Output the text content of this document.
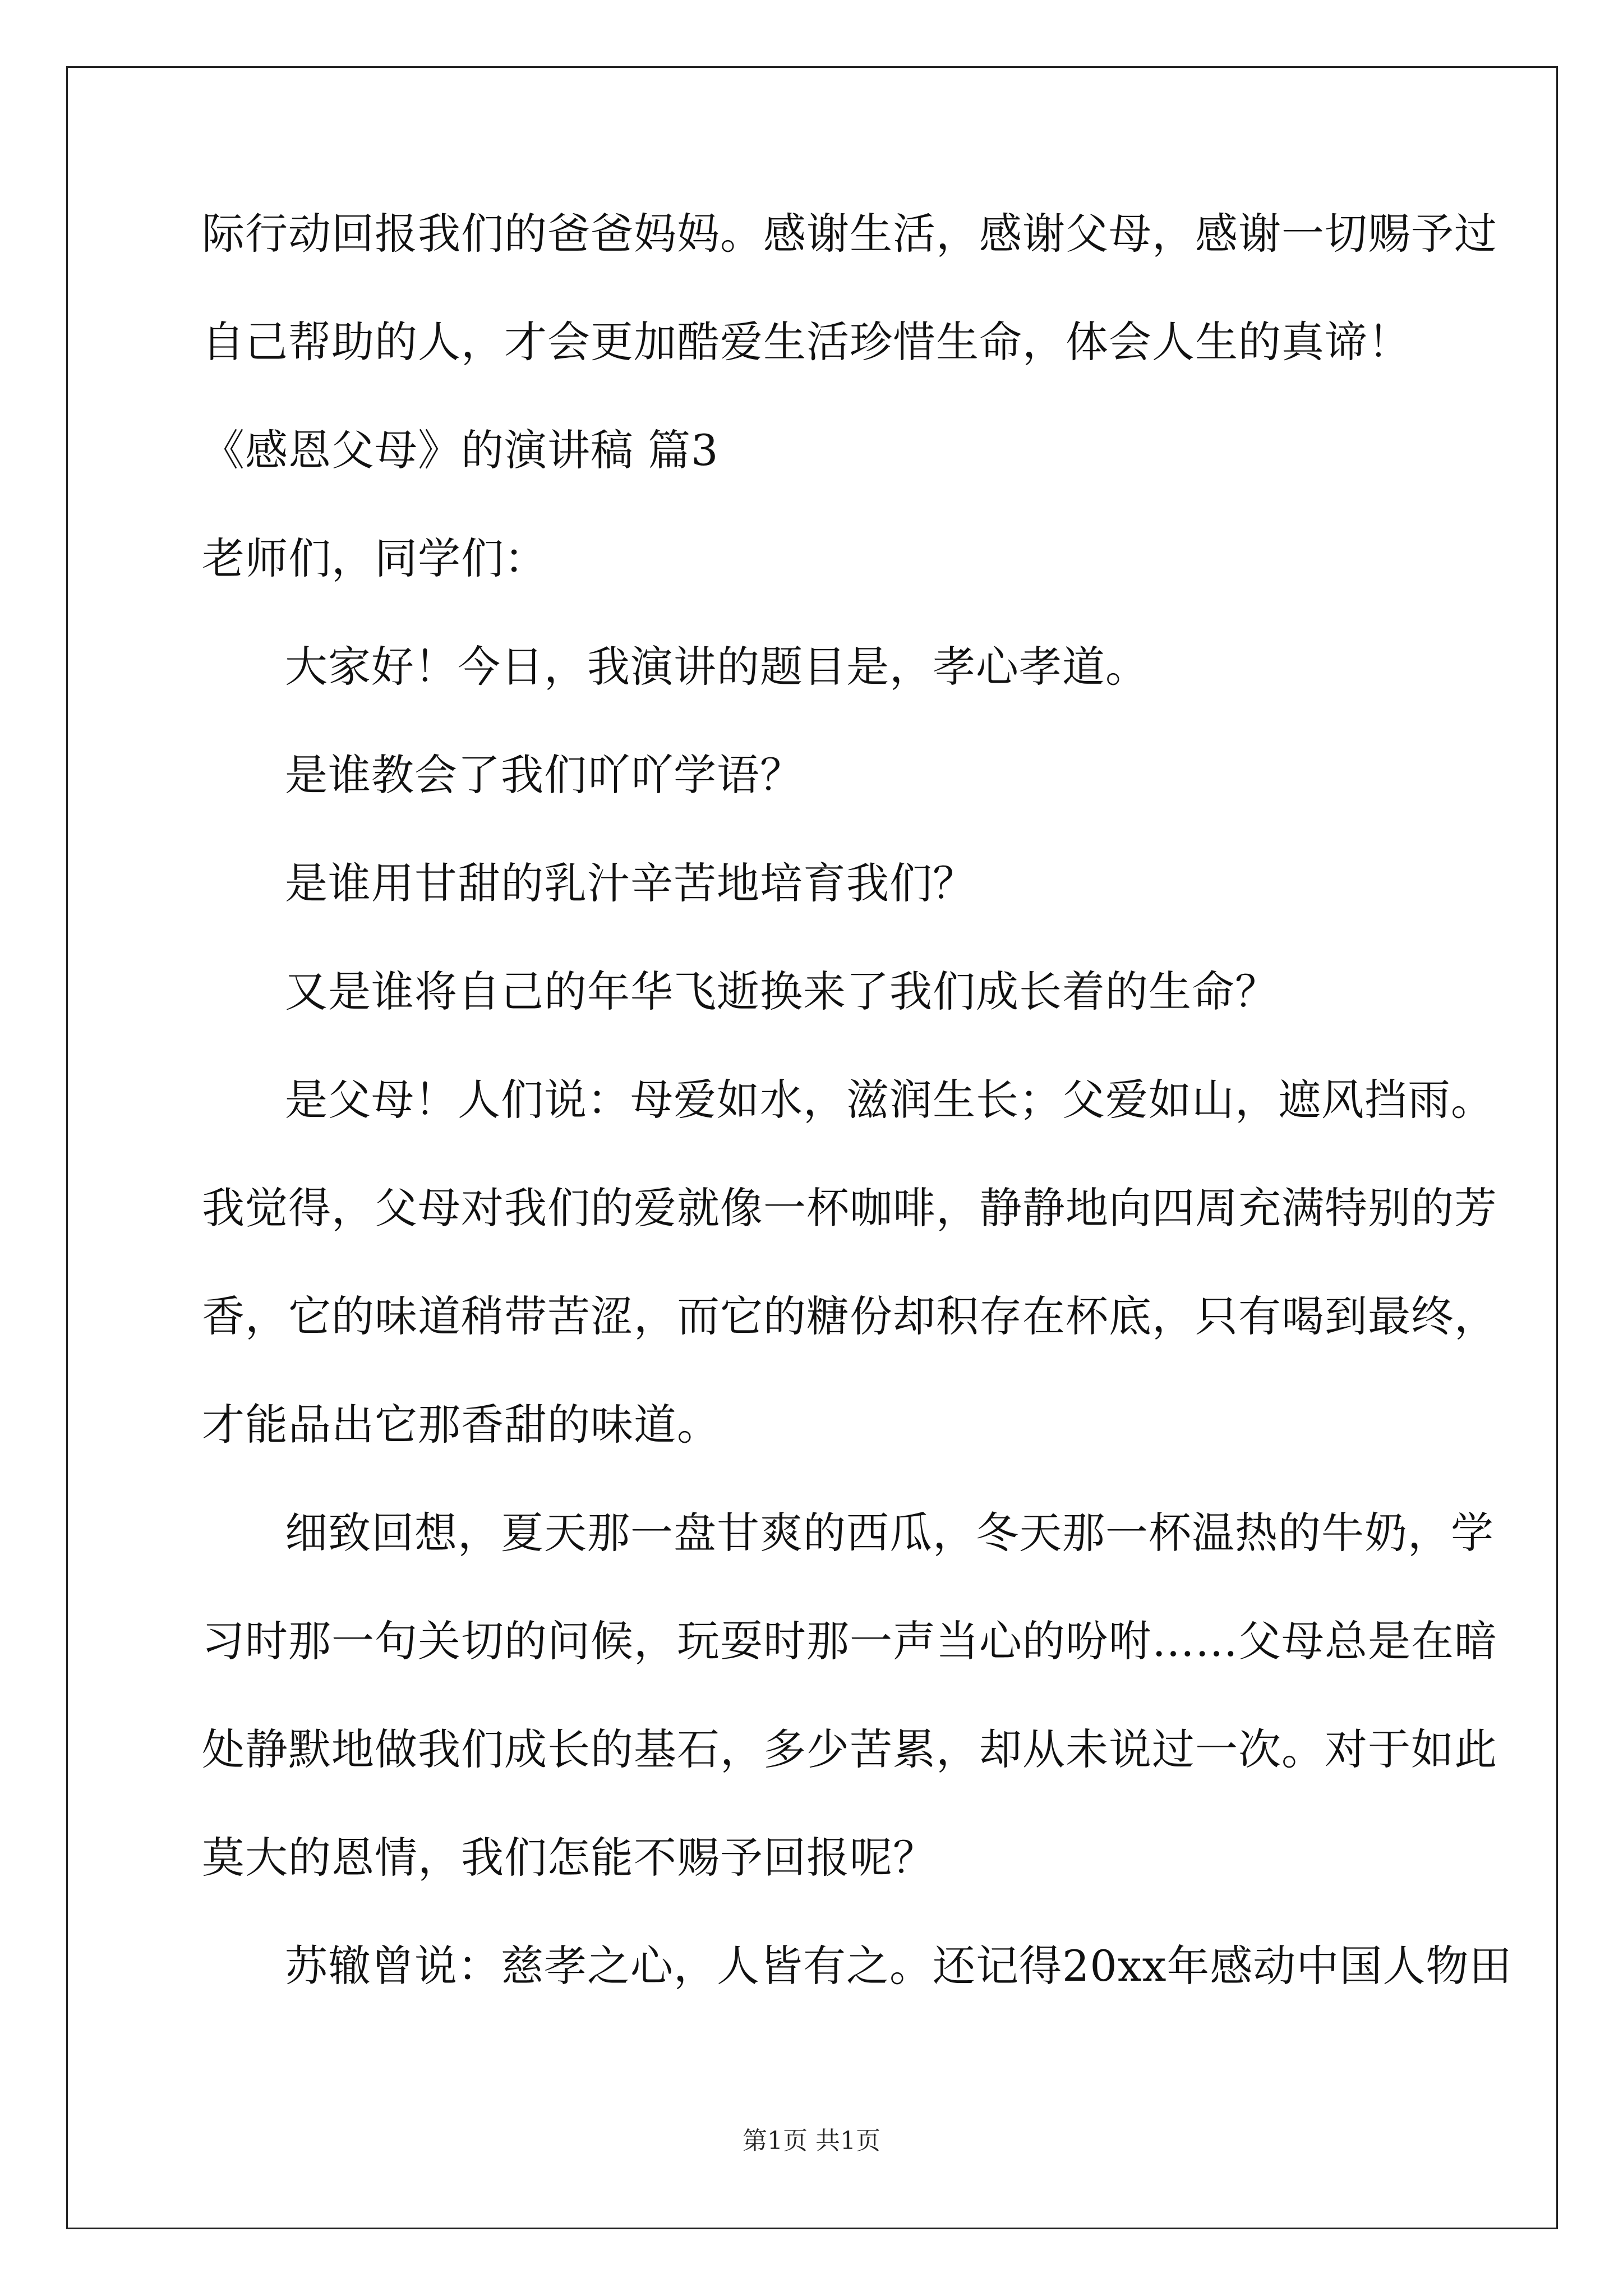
际行动回报我们的爸爸妈妈。感谢生活，感谢父母，感谢一切赐予过
自己帮助的人，才会更加酷爱生活珍惜生命，体会人生的真谛！
《感恩父母》的演讲稿 篇3
老师们，同学们：
大家好！今日，我演讲的题目是，孝心孝道。
是谁教会了我们吖吖学语？
是谁用甘甜的乳汁辛苦地培育我们？
又是谁将自己的年华飞逝换来了我们成长着的生命？
是父母！人们说：母爱如水，滋润生长；父爱如山，遮风挡雨。
我觉得，父母对我们的爱就像一杯咖啡，静静地向四周充满特别的芳
香，它的味道稍带苦涩，而它的糖份却积存在杯底，只有喝到最终，
才能品出它那香甜的味道。
细致回想，夏天那一盘甘爽的西瓜，冬天那一杯温热的牛奶，学
习时那一句关切的问候，玩耍时那一声当心的吩咐……父母总是在暗
处静默地做我们成长的基石，多少苦累，却从未说过一次。对于如此
莫大的恩情，我们怎能不赐予回报呢？
苏辙曾说：慈孝之心，人皆有之。还记得20xx年感动中国人物田
第1页 共1页
